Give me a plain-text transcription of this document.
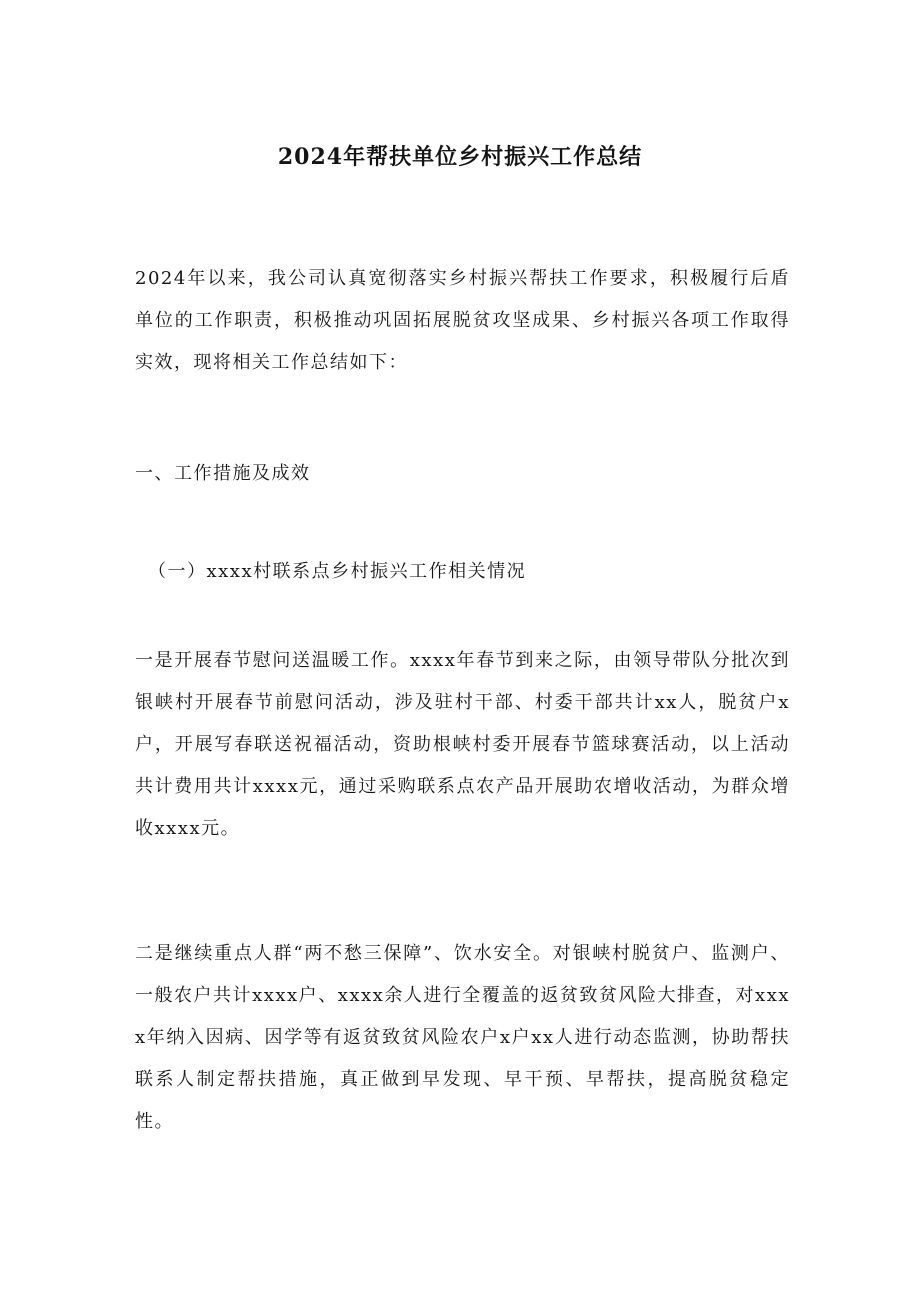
2024年帮扶单位乡村振兴工作总结

2024年以来，我公司认真宽彻落实乡村振兴帮扶工作要求，积极履行后盾单位的工作职责，积极推动巩固拓展脱贫攻坚成果、乡村振兴各项工作取得实效，现将相关工作总结如下：

一、工作措施及成效

（一）xxxx村联系点乡村振兴工作相关情况

一是开展春节慰问送温暖工作。xxxx年春节到来之际，由领导带队分批次到银峡村开展春节前慰问活动，涉及驻村干部、村委干部共计xx人，脱贫户x户，开展写春联送祝福活动，资助根峡村委开展春节篮球赛活动，以上活动共计费用共计xxxx元，通过采购联系点农产品开展助农增收活动，为群众增收xxxx元。

二是继续重点人群“两不愁三保障”、饮水安全。对银峡村脱贫户、监测户、一般农户共计xxxx户、xxxx余人进行全覆盖的返贫致贫风险大排查，对xxxx年纳入因病、因学等有返贫致贫风险农户x户xx人进行动态监测，协助帮扶联系人制定帮扶措施，真正做到早发现、早干预、早帮扶，提高脱贫稳定性。
